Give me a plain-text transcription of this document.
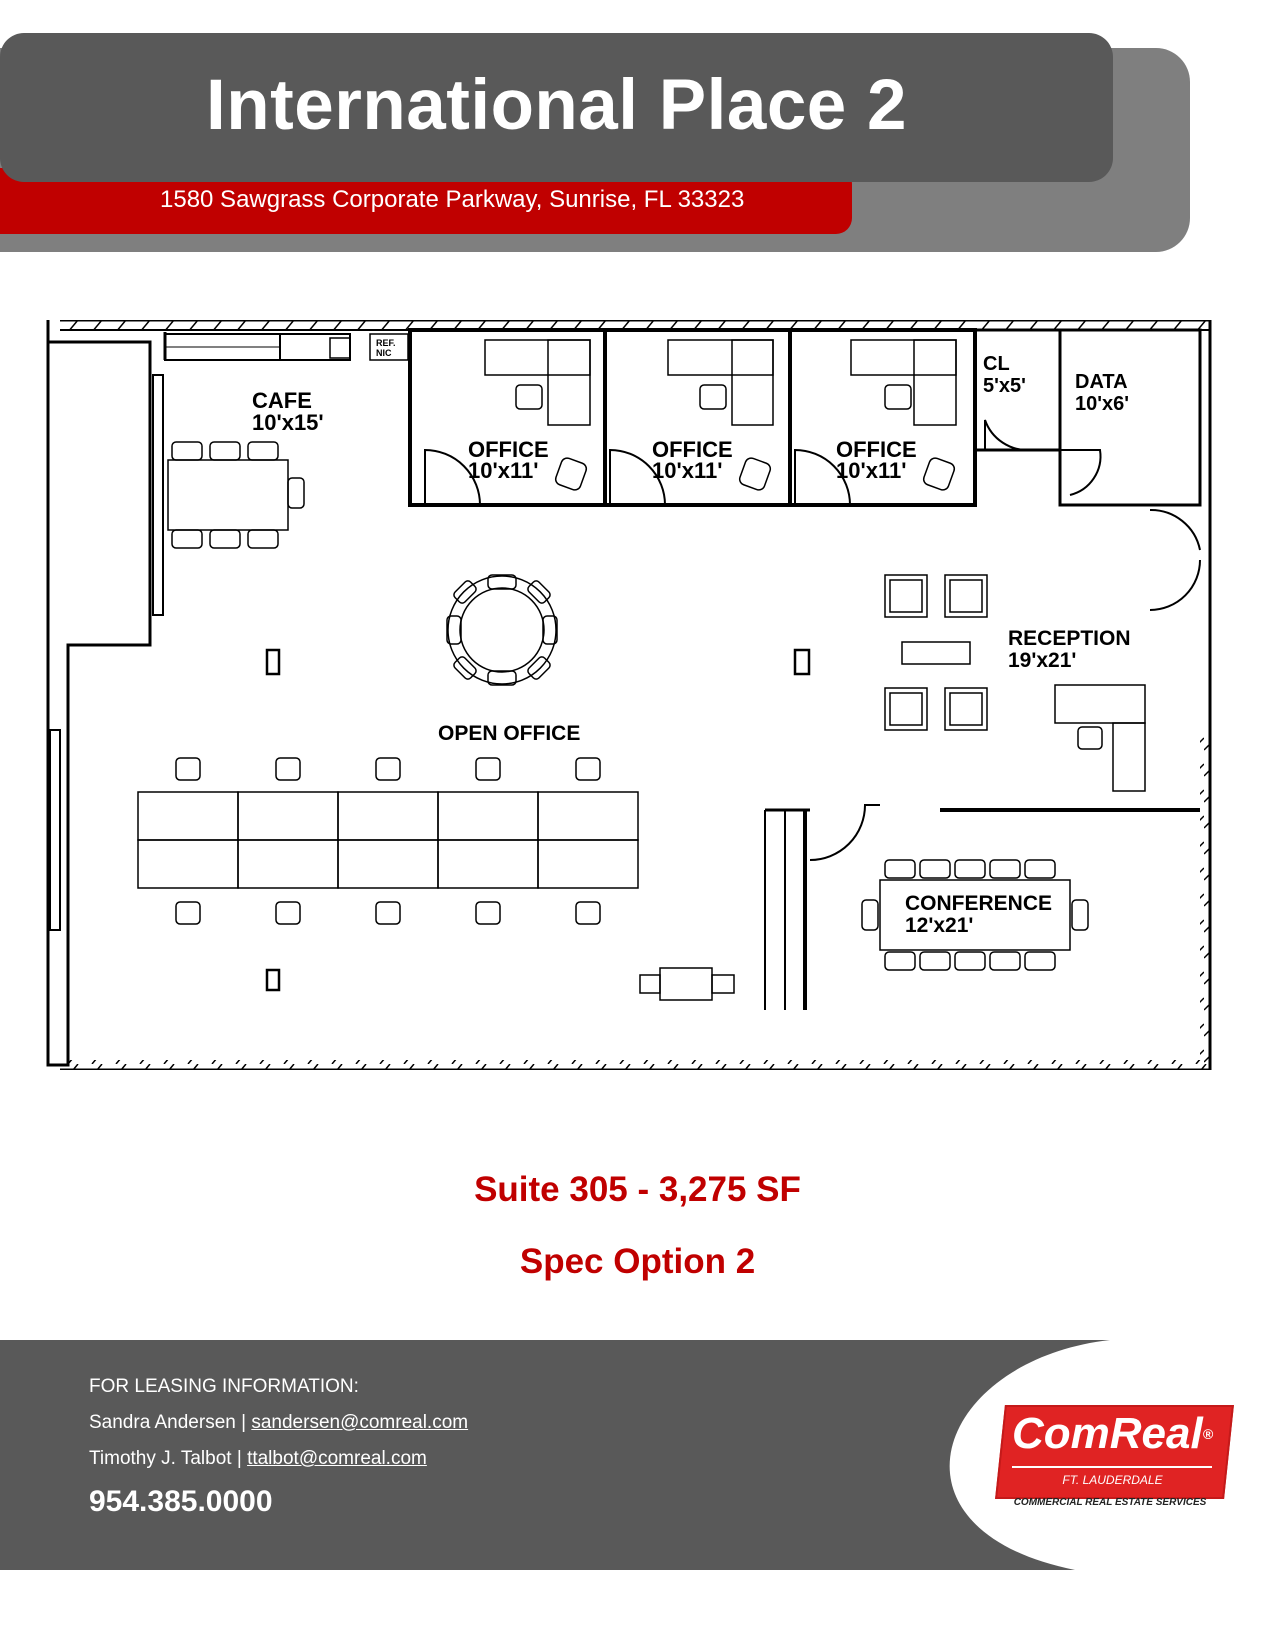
International Place 2
1580 Sawgrass Corporate Parkway, Sunrise, FL 33323
REF.
NIC
CAFE
10'x15'
OFFICE
10'x11'
OFFICE
10'x11'
OFFICE
10'x11'
CL
5'x5' DATA
10'x6'
RECEPTION
19'x21'
OPEN OFFICE
CONFERENCE
12'x21'
Suite 305 - 3,275 SF
Spec Option 2
FOR LEASING INFORMATION:
Sandra Andersen | sandersen@comreal.com
Timothy J. Talbot | ttalbot@comreal.com
954.385.0000
ComReal®
FT. LAUDERDALE
COMMERCIAL REAL ESTATE SERVICES
